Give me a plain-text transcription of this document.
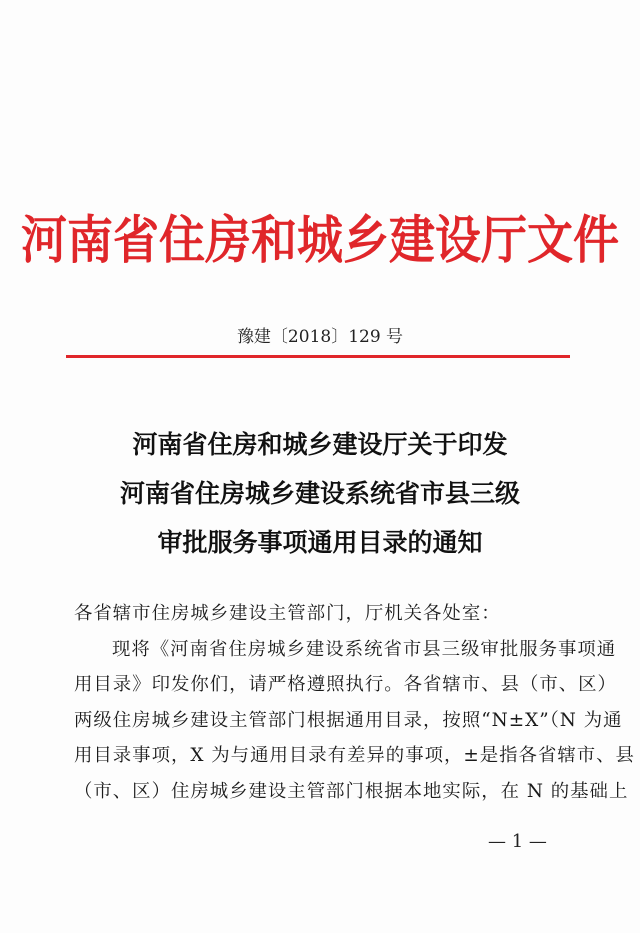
河南省住房和城乡建设厅文件
豫建〔2018〕129 号
河南省住房和城乡建设厅关于印发
河南省住房城乡建设系统省市县三级
审批服务事项通用目录的通知
各省辖市住房城乡建设主管部门，厅机关各处室：
现将《河南省住房城乡建设系统省市县三级审批服务事项通
用目录》印发你们，请严格遵照执行。各省辖市、县（市、区）
两级住房城乡建设主管部门根据通用目录，按照“N±X”（N 为通
用目录事项，X 为与通用目录有差异的事项，±是指各省辖市、县
（市、区）住房城乡建设主管部门根据本地实际，在 N 的基础上
— 1 —
